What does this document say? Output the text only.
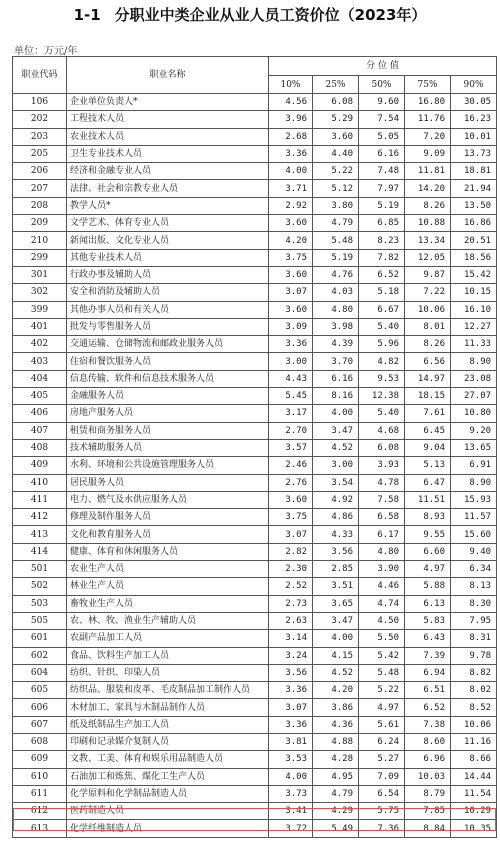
1-1 分职业中类企业从业人员工资价位（2023年）
单位：万元/年
职业代码	职业名称	分 位 值				
		10%	25%	50%	75%	90%
106	企业单位负责人*	4.56	6.08	9.60	16.80	30.05
202	工程技术人员	3.96	5.29	7.54	11.76	16.23
203	农业技术人员	2.68	3.60	5.05	7.20	10.01
205	卫生专业技术人员	3.36	4.40	6.16	9.09	13.73
206	经济和金融专业人员	4.00	5.22	7.48	11.81	18.81
207	法律、社会和宗教专业人员	3.71	5.12	7.97	14.20	21.94
208	教学人员*	2.92	3.80	5.19	8.26	13.50
209	文学艺术、体育专业人员	3.60	4.79	6.85	10.88	16.86
210	新闻出版、文化专业人员	4.20	5.48	8.23	13.34	20.51
299	其他专业技术人员	3.75	5.19	7.82	12.05	18.56
301	行政办事及辅助人员	3.60	4.76	6.52	9.87	15.42
302	安全和消防及辅助人员	3.07	4.03	5.18	7.22	10.15
399	其他办事人员和有关人员	3.60	4.80	6.67	10.06	16.10
401	批发与零售服务人员	3.09	3.98	5.40	8.01	12.27
402	交通运输、仓储物流和邮政业服务人员	3.36	4.39	5.96	8.26	11.33
403	住宿和餐饮服务人员	3.00	3.70	4.82	6.56	8.90
404	信息传输、软件和信息技术服务人员	4.43	6.16	9.53	14.97	23.08
405	金融服务人员	5.45	8.16	12.38	18.15	27.07
406	房地产服务人员	3.17	4.00	5.40	7.61	10.80
407	租赁和商务服务人员	2.70	3.47	4.68	6.45	9.20
408	技术辅助服务人员	3.57	4.52	6.08	9.04	13.65
409	水利、环境和公共设施管理服务人员	2.46	3.00	3.93	5.13	6.91
410	居民服务人员	2.76	3.54	4.78	6.47	8.90
411	电力、燃气及水供应服务人员	3.60	4.92	7.58	11.51	15.93
412	修理及制作服务人员	3.75	4.86	6.58	8.93	11.57
413	文化和教育服务人员	3.07	4.33	6.17	9.55	15.60
414	健康、体育和休闲服务人员	2.82	3.56	4.80	6.60	9.40
501	农业生产人员	2.30	2.85	3.90	4.97	6.34
502	林业生产人员	2.52	3.51	4.46	5.88	8.13
503	畜牧业生产人员	2.73	3.65	4.74	6.13	8.30
505	农、林、牧、渔业生产辅助人员	2.63	3.47	4.50	5.83	7.95
601	农副产品加工人员	3.14	4.00	5.50	6.43	8.31
602	食品、饮料生产加工人员	3.24	4.15	5.42	7.39	9.78
604	纺织、针织、印染人员	3.56	4.52	5.48	6.94	8.82
605	纺织品、服装和皮革、毛皮制品加工制作人员	3.36	4.20	5.22	6.51	8.02
606	木材加工、家具与木制品制作人员	3.07	3.86	4.97	6.52	8.52
607	纸及纸制品生产加工人员	3.36	4.36	5.61	7.38	10.06
608	印刷和记录媒介复制人员	3.81	4.88	6.24	8.60	11.16
609	文教、工美、体育和娱乐用品制造人员	3.53	4.28	5.27	6.96	8.66
610	石油加工和炼焦、煤化工生产人员	4.00	4.95	7.09	10.03	14.44
611	化学原料和化学制品制造人员	3.73	4.79	6.54	8.79	11.54
612	医药制造人员	3.41	4.29	5.75	7.85	10.29
613	化学纤维制造人员	3.72	5.49	7.36	8.84	10.35
